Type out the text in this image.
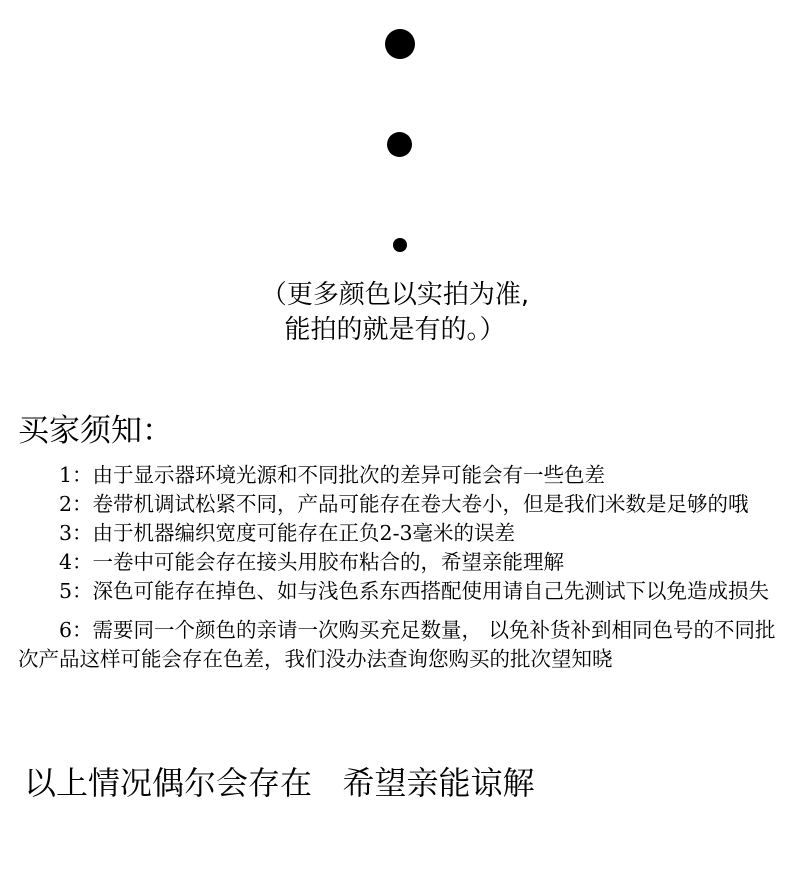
（更多颜色以实拍为准,
能拍的就是有的。）
买家须知：
1：由于显示器环境光源和不同批次的差异可能会有一些色差
2：卷带机调试松紧不同，产品可能存在卷大卷小，但是我们米数是足够的哦
3：由于机器编织宽度可能存在正负2-3毫米的误差
4：一卷中可能会存在接头用胶布粘合的，希望亲能理解
5：深色可能存在掉色、如与浅色系东西搭配使用请自己先测试下以免造成损失
6：需要同一个颜色的亲请一次购买充足数量， 以免补货补到相同色号的不同批次产品这样可能会存在色差，我们没办法查询您购买的批次望知晓
以上情况偶尔会存在   希望亲能谅解
